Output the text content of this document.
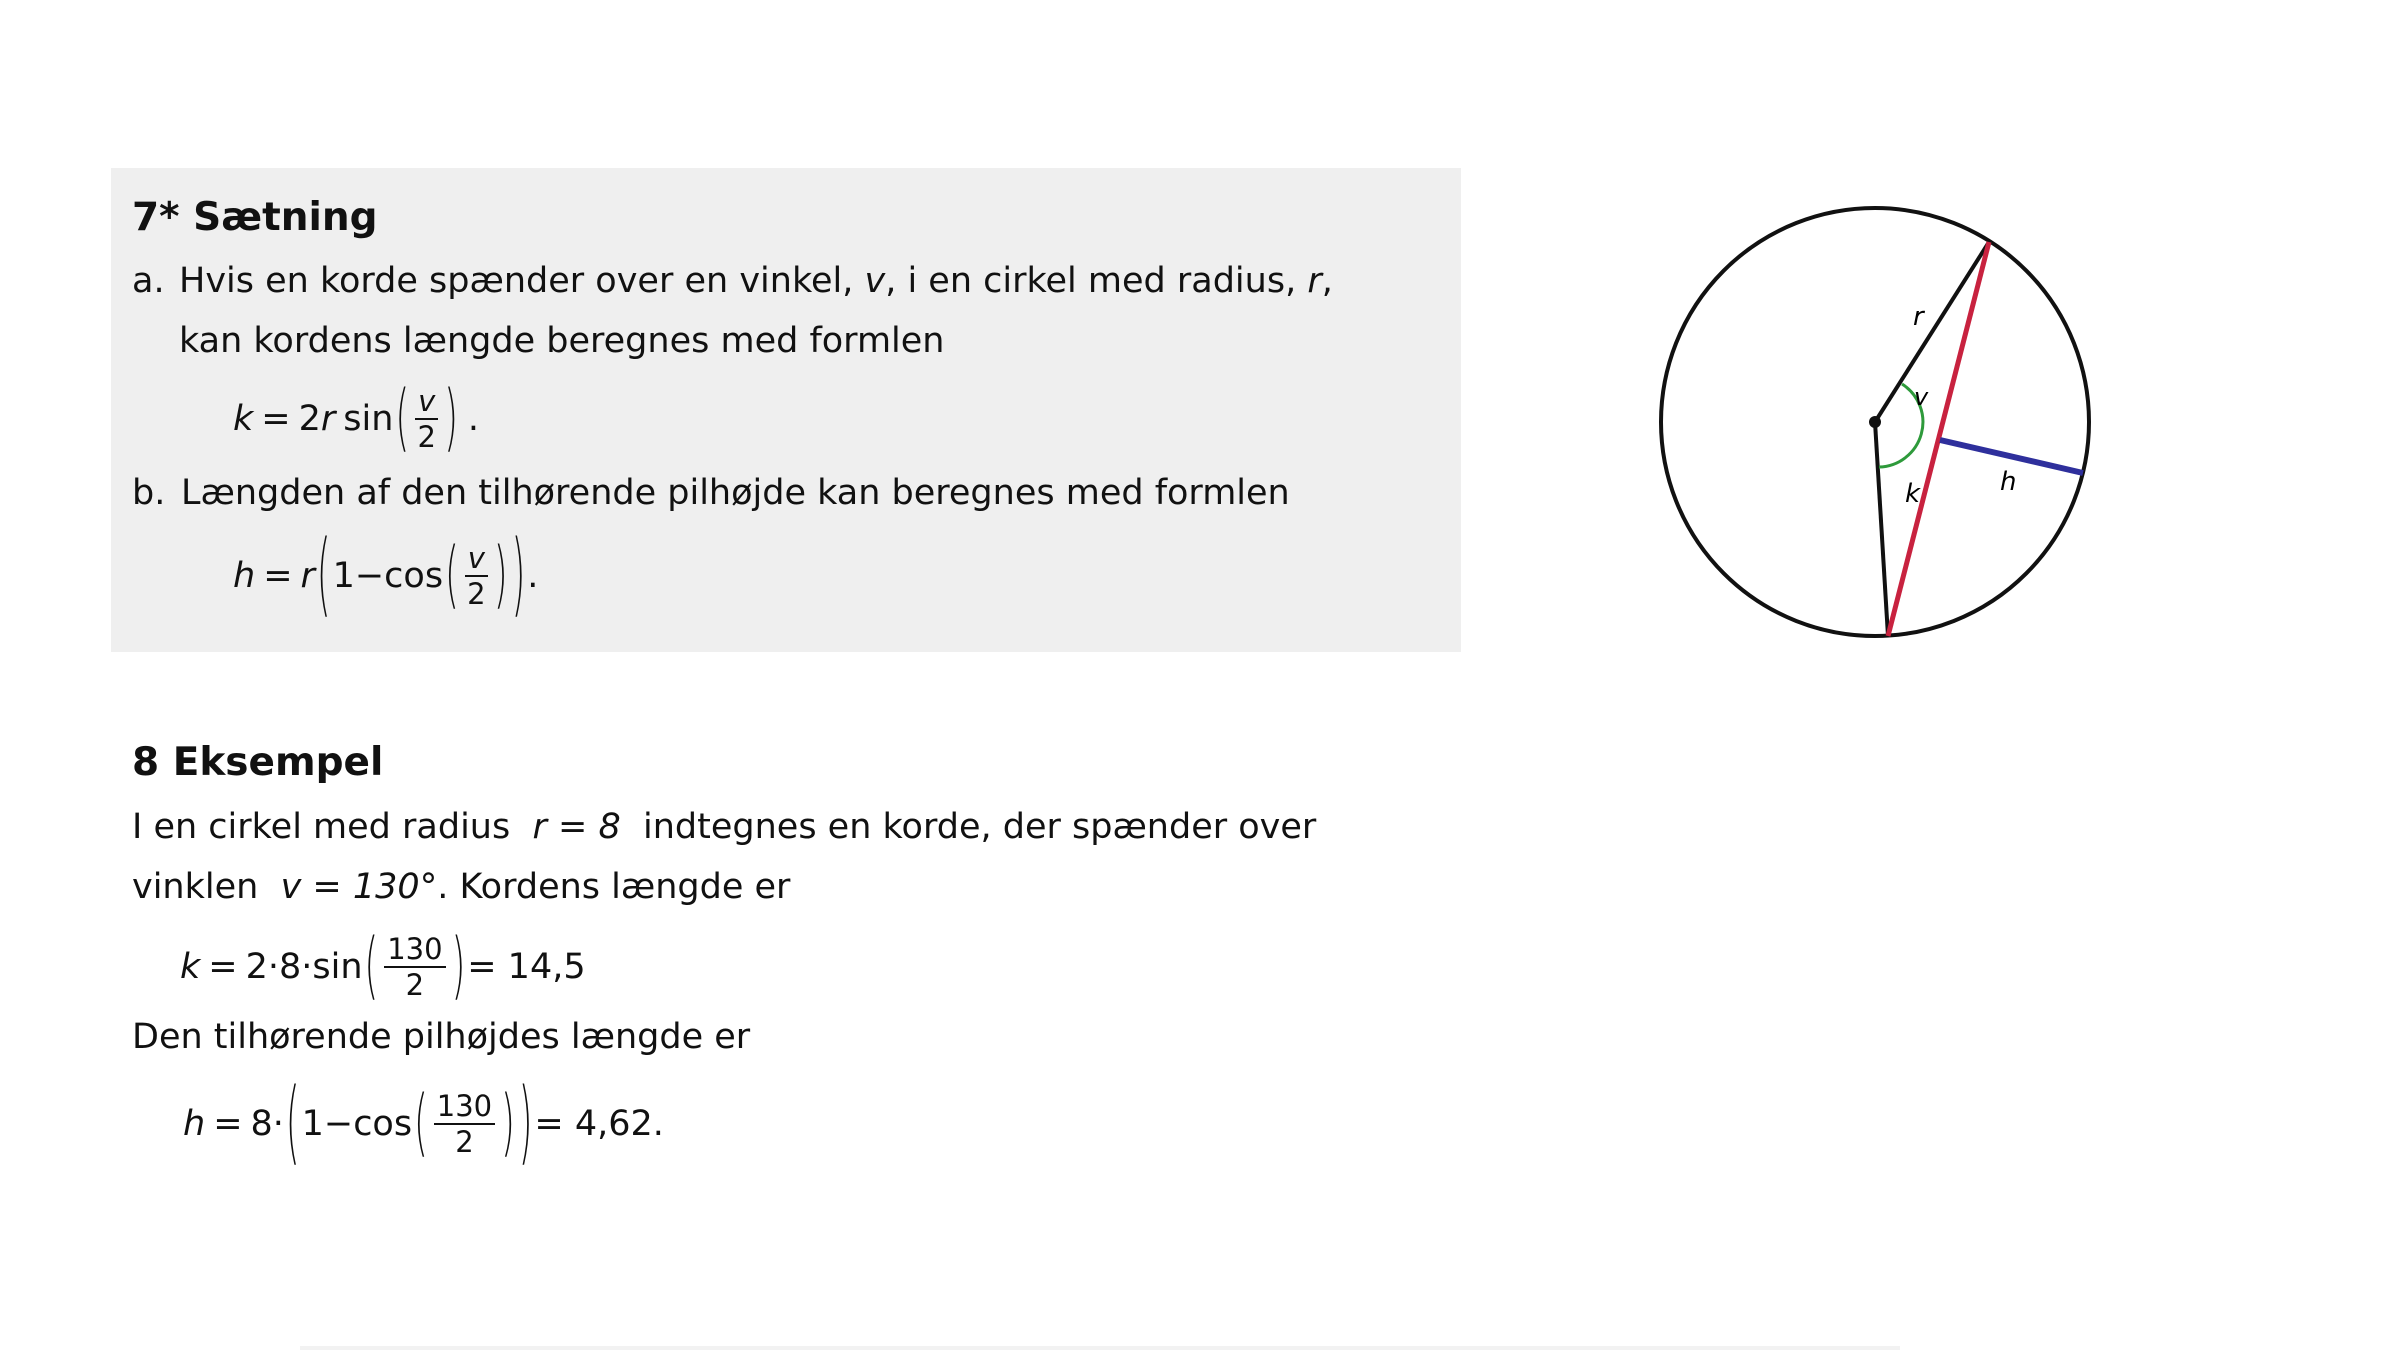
7* Sætning
a. Hvis en korde spænder over en vinkel, v, i en cirkel med radius, r,
kan kordens længde beregnes med formlen
k = 2 r sin ( $\frac{v}{2}$ ) .
b. Længden af den tilhørende pilhøjde kan beregnes med formlen
h = r ( 1 − cos ( $\frac{v}{2}$ ) ) .
r
v
k	h
8 Eksempel
I en cirkel med radius r = 8 indtegnes en korde, der spænder over
vinklen v = 130°. Kordens længde er
k = 2·8·sin ( $\frac{130}{2}$ ) = 14,5
Den tilhørende pilhøjdes længde er
h = 8· ( 1 − cos ( $\frac{130}{2}$ ) ) = 4,62.
